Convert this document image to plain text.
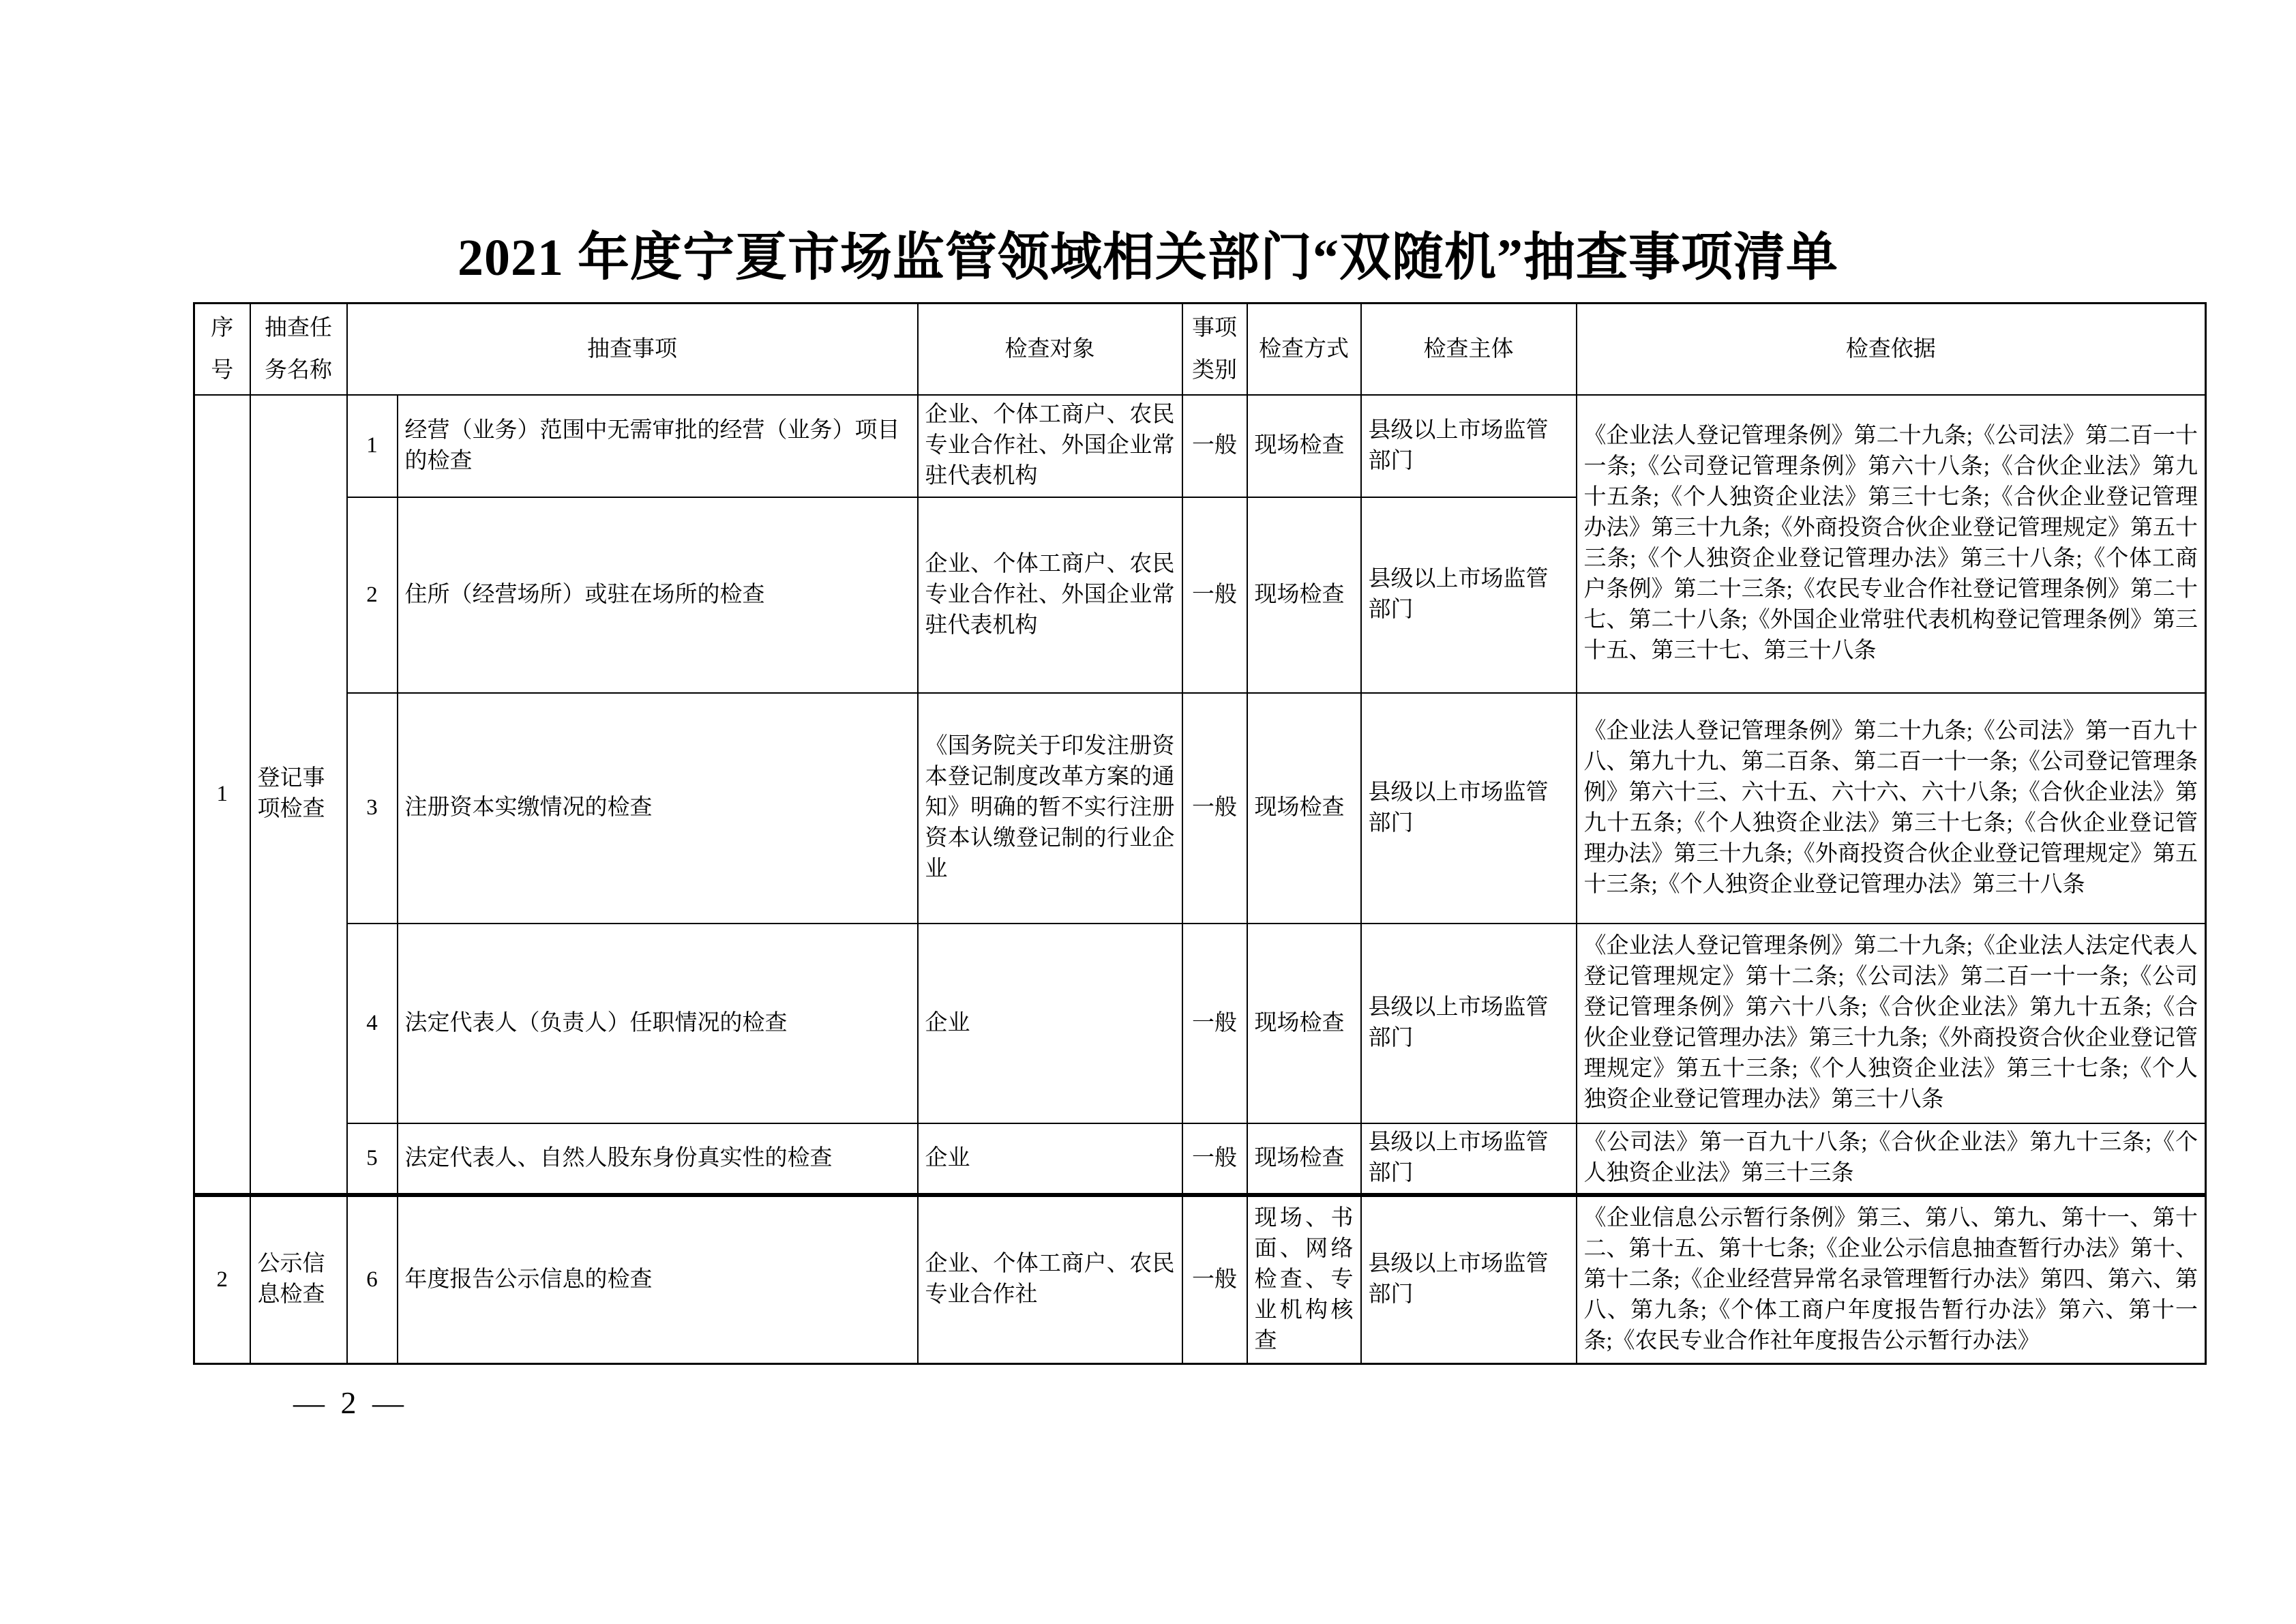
2021 年度宁夏市场监管领域相关部门“双随机”抽查事项清单
序号	抽查任务名称	抽查事项		检查对象	事项类别	检查方式	检查主体	检查依据
1	登记事项检查	1	经营（业务）范围中无需审批的经营（业务）项目的检查	企业、个体工商户、农民专业合作社、外国企业常驻代表机构	一般	现场检查	县级以上市场监管部门	《企业法人登记管理条例》第二十九条;《公司法》第二百一十一条;《公司登记管理条例》第六十八条;《合伙企业法》第九十五条;《个人独资企业法》第三十七条;《合伙企业登记管理办法》第三十九条;《外商投资合伙企业登记管理规定》第五十三条;《个人独资企业登记管理办法》第三十八条;《个体工商户条例》第二十三条;《农民专业合作社登记管理条例》第二十七、第二十八条;《外国企业常驻代表机构登记管理条例》第三十五、第三十七、第三十八条
		2	住所（经营场所）或驻在场所的检查	企业、个体工商户、农民专业合作社、外国企业常驻代表机构	一般	现场检查	县级以上市场监管部门	
		3	注册资本实缴情况的检查	《国务院关于印发注册资本登记制度改革方案的通知》明确的暂不实行注册资本认缴登记制的行业企业	一般	现场检查	县级以上市场监管部门	《企业法人登记管理条例》第二十九条;《公司法》第一百九十八、第九十九、第二百条、第二百一十一条;《公司登记管理条例》第六十三、六十五、六十六、六十八条;《合伙企业法》第九十五条;《个人独资企业法》第三十七条;《合伙企业登记管理办法》第三十九条;《外商投资合伙企业登记管理规定》第五十三条;《个人独资企业登记管理办法》第三十八条
		4	法定代表人（负责人）任职情况的检查	企业	一般	现场检查	县级以上市场监管部门	《企业法人登记管理条例》第二十九条;《企业法人法定代表人登记管理规定》第十二条;《公司法》第二百一十一条;《公司登记管理条例》第六十八条;《合伙企业法》第九十五条;《合伙企业登记管理办法》第三十九条;《外商投资合伙企业登记管理规定》第五十三条;《个人独资企业法》第三十七条;《个人独资企业登记管理办法》第三十八条
		5	法定代表人、自然人股东身份真实性的检查	企业	一般	现场检查	县级以上市场监管部门	《公司法》第一百九十八条;《合伙企业法》第九十三条;《个人独资企业法》第三十三条
2	公示信息检查	6	年度报告公示信息的检查	企业、个体工商户、农民专业合作社	一般	现场、书面、网络检查、专业机构核查	县级以上市场监管部门	《企业信息公示暂行条例》第三、第八、第九、第十一、第十二、第十五、第十七条;《企业公示信息抽查暂行办法》第十、第十二条;《企业经营异常名录管理暂行办法》第四、第六、第八、第九条;《个体工商户年度报告暂行办法》第六、第十一条;《农民专业合作社年度报告公示暂行办法》
— 2 —
